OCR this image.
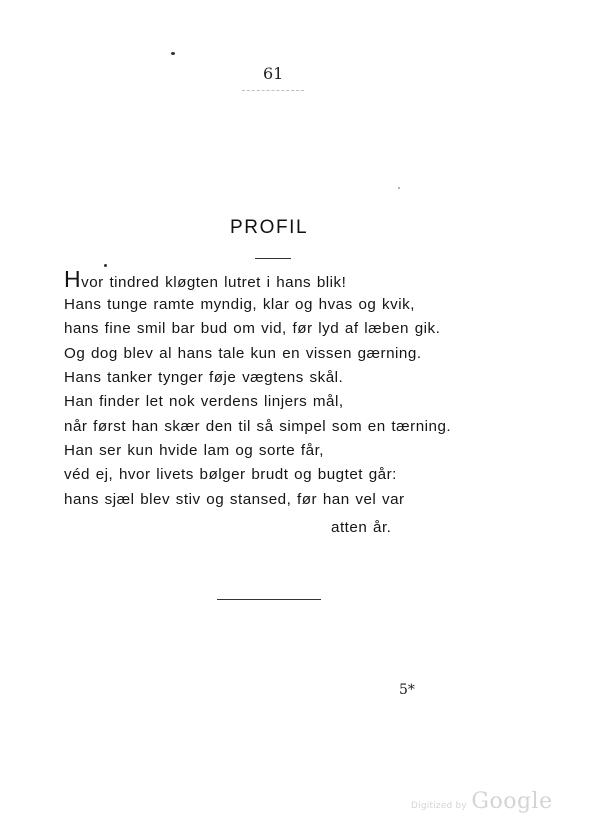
61
PROFIL
Hvor tindred kløgten lutret i hans blik!
Hans tunge ramte myndig, klar og hvas og kvik,
hans fine smil bar bud om vid, før lyd af læben gik.
Og dog blev al hans tale kun en vissen gærning.
Hans tanker tynger føje vægtens skål.
Han finder let nok verdens linjers mål,
når først han skær den til så simpel som en tærning.
Han ser kun hvide lam og sorte får,
véd ej, hvor livets bølger brudt og bugtet går:
hans sjæl blev stiv og stansed, før han vel var
atten år.
5*
Digitized by Google
